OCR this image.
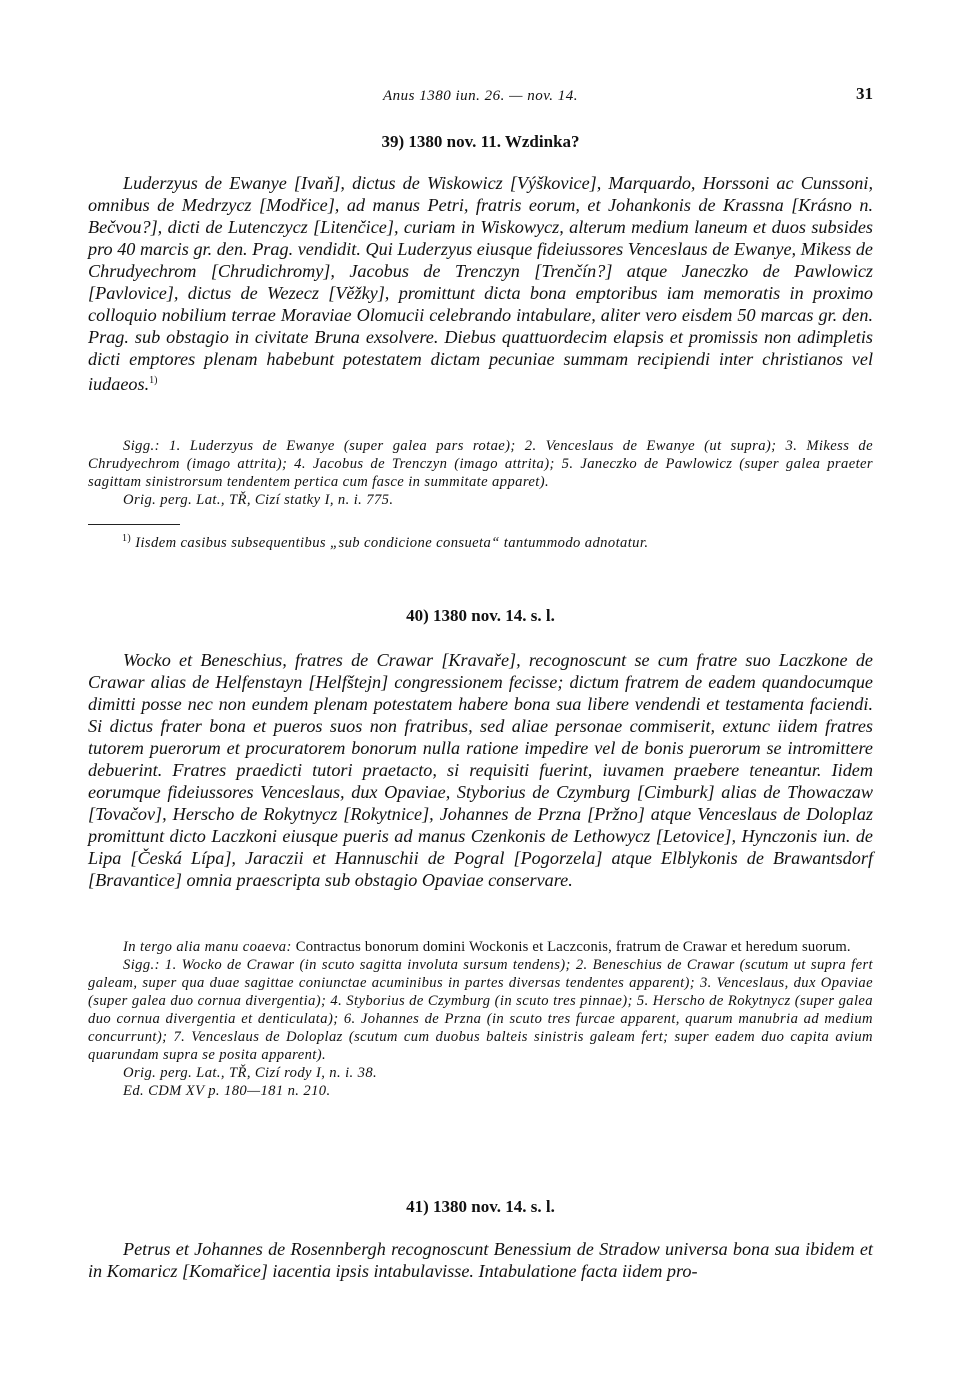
Anus 1380 iun. 26. — nov. 14.	31
39) 1380 nov. 11. Wzdinka?
Luderzyus de Ewanye [Ivaň], dictus de Wiskowicz [Výškovice], Marquardo, Horssoni ac Cunssoni, omnibus de Medrzycz [Modřice], ad manus Petri, fratris eorum, et Johankonis de Krassna [Krásno n. Bečvou?], dicti de Lutenczycz [Litenčice], curiam in Wiskowycz, alterum medium laneum et duos subsides pro 40 marcis gr. den. Prag. vendidit. Qui Luderzyus eiusque fideiussores Venceslaus de Ewanye, Mikess de Chrudyechrom [Chrudichromy], Jacobus de Trenczyn [Trenčín?] atque Janeczko de Pawlowicz [Pavlovice], dictus de Wezecz [Věžky], promittunt dicta bona emptoribus iam memoratis in proximo colloquio nobilium terrae Moraviae Olomucii celebrando intabulare, aliter vero eisdem 50 marcas gr. den. Prag. sub obstagio in civitate Bruna exsolvere. Diebus quattuordecim elapsis et promissis non adimpletis dicti emptores plenam habebunt potestatem dictam pecuniae summam recipiendi inter christianos vel iudaeos.$^{1)}$
Sigg.: 1. Luderzyus de Ewanye (super galea pars rotae); 2. Venceslaus de Ewanye (ut supra); 3. Mikess de Chrudyechrom (imago attrita); 4. Jacobus de Trenczyn (imago attrita); 5. Janeczko de Pawlowicz (super galea praeter sagittam sinistrorsum tendentem pertica cum fasce in summitate apparet).
Orig. perg. Lat., TŘ, Cizí statky I, n. i. 775.
$^{1)}$ Iisdem casibus subsequentibus „sub condicione consueta“ tantummodo adnotatur.
40) 1380 nov. 14. s. l.
Wocko et Beneschius, fratres de Crawar [Kravaře], recognoscunt se cum fratre suo Laczkone de Crawar alias de Helfenstayn [Helfštejn] congressionem fecisse; dictum fratrem de eadem quandocumque dimitti posse nec non eundem plenam potestatem habere bona sua libere vendendi et testamenta faciendi. Si dictus frater bona et pueros suos non fratribus, sed aliae personae commiserit, extunc iidem fratres tutorem puerorum et procuratorem bonorum nulla ratione impedire vel de bonis puerorum se intromittere debuerint. Fratres praedicti tutori praetacto, si requisiti fuerint, iuvamen praebere teneantur. Iidem eorumque fideiussores Venceslaus, dux Opaviae, Styborius de Czymburg [Cimburk] alias de Thowaczaw [Tovačov], Herscho de Rokytnycz [Rokytnice], Johannes de Przna [Pržno] atque Venceslaus de Doloplaz promittunt dicto Laczkoni eiusque pueris ad manus Czenkonis de Lethowycz [Letovice], Hynczonis iun. de Lipa [Česká Lípa], Jaraczii et Hannuschii de Pogral [Pogorzela] atque Elblykonis de Brawantsdorf [Bravantice] omnia praescripta sub obstagio Opaviae conservare.
In tergo alia manu coaeva: Contractus bonorum domini Wockonis et Laczconis, fratrum de Crawar et heredum suorum.
Sigg.: 1. Wocko de Crawar (in scuto sagitta involuta sursum tendens); 2. Beneschius de Crawar (scutum ut supra fert galeam, super qua duae sagittae coniunctae acuminibus in partes diversas tendentes apparent); 3. Venceslaus, dux Opaviae (super galea duo cornua divergentia); 4. Styborius de Czymburg (in scuto tres pinnae); 5. Herscho de Rokytnycz (super galea duo cornua divergentia et denticulata); 6. Johannes de Przna (in scuto tres furcae apparent, quarum manubria ad medium concurrunt); 7. Venceslaus de Doloplaz (scutum cum duobus balteis sinistris galeam fert; super eadem duo capita avium quarundam supra se posita apparent).
Orig. perg. Lat., TŘ, Cizí rody I, n. i. 38.
Ed. CDM XV p. 180—181 n. 210.
41) 1380 nov. 14. s. l.
Petrus et Johannes de Rosennbergh recognoscunt Benessium de Stradow universa bona sua ibidem et in Komaricz [Komařice] iacentia ipsis intabulavisse. Intabulatione facta iidem pro-
